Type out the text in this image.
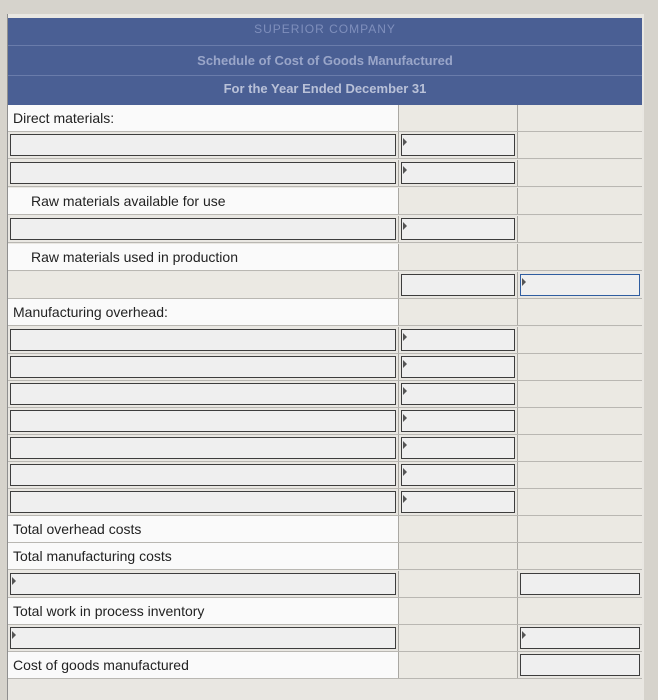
SUPERIOR COMPANY
Schedule of Cost of Goods Manufactured
For the Year Ended December 31
Direct materials:
Raw materials available for use
Raw materials used in production
Manufacturing overhead:
Total overhead costs
Total manufacturing costs
Total work in process inventory
Cost of goods manufactured
